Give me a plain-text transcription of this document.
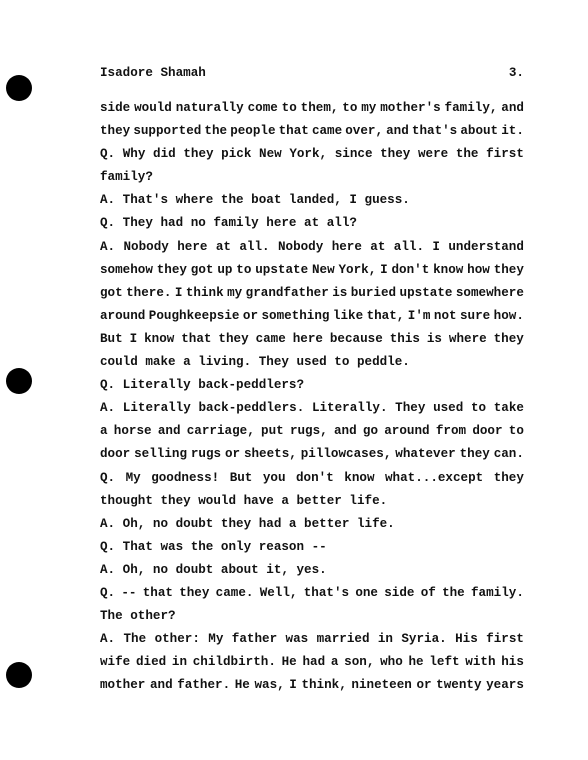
Isadore Shamah	3.
side would naturally come to them, to my mother's family, and
they supported the people that came over, and that's about it.
Q. Why did they pick New York, since they were the first
family?
A. That's where the boat landed, I guess.
Q. They had no family here at all?
A. Nobody here at all. Nobody here at all. I understand
somehow they got up to upstate New York, I don't know how they
got there. I think my grandfather is buried upstate somewhere
around Poughkeepsie or something like that, I'm not sure how.
But I know that they came here because this is where they
could make a living. They used to peddle.
Q. Literally back-peddlers?
A. Literally back-peddlers. Literally. They used to take
a horse and carriage, put rugs, and go around from door to
door selling rugs or sheets, pillowcases, whatever they can.
Q. My goodness! But you don't know what...except they
thought they would have a better life.
A. Oh, no doubt they had a better life.
Q. That was the only reason --
A. Oh, no doubt about it, yes.
Q. -- that they came. Well, that's one side of the family.
The other?
A. The other: My father was married in Syria. His first
wife died in childbirth. He had a son, who he left with his
mother and father. He was, I think, nineteen or twenty years
